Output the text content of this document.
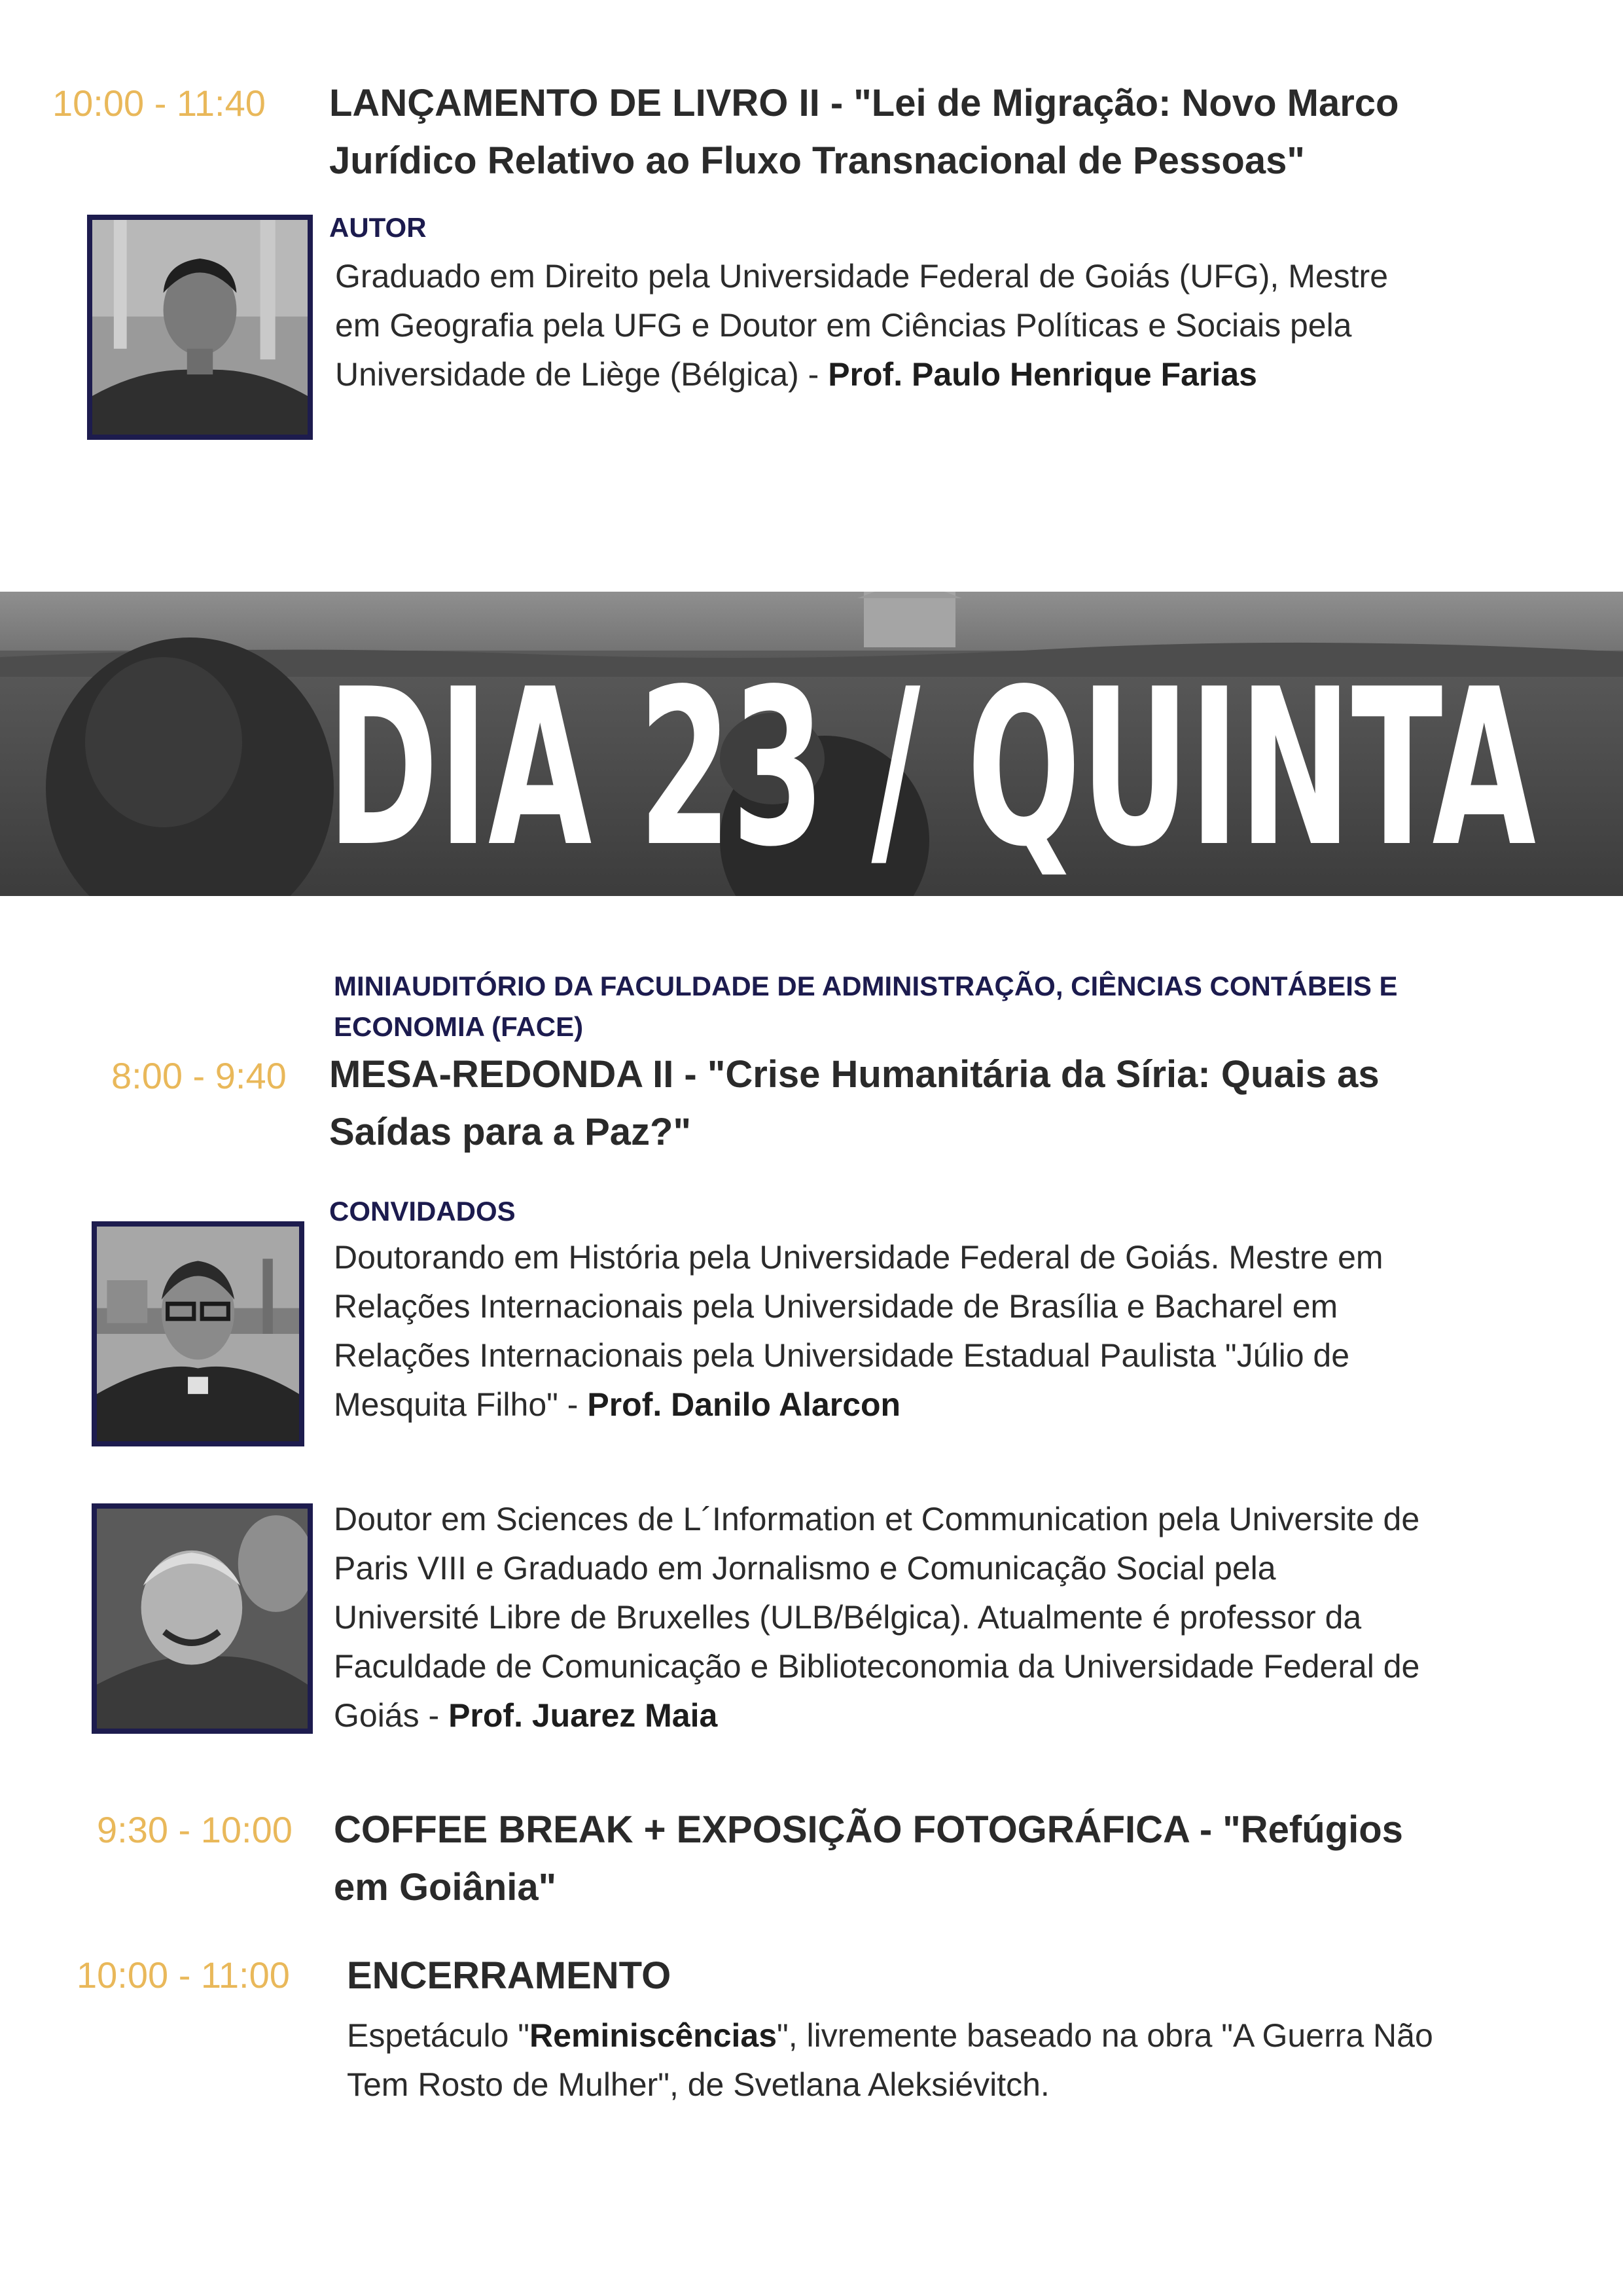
10:00 - 11:40 LANÇAMENTO DE LIVRO II - "Lei de Migração: Novo Marco
Jurídico Relativo ao Fluxo Transnacional de Pessoas"
AUTOR
Graduado em Direito pela Universidade Federal de Goiás (UFG), Mestre
em Geografia pela UFG e Doutor em Ciências Políticas e Sociais pela
Universidade de Liège (Bélgica) - Prof. Paulo Henrique Farias
DIA 23 / QUINTA
MINIAUDITÓRIO DA FACULDADE DE ADMINISTRAÇÃO, CIÊNCIAS CONTÁBEIS E
ECONOMIA (FACE)
8:00 - 9:40 MESA-REDONDA II - "Crise Humanitária da Síria: Quais as
Saídas para a Paz?"
CONVIDADOS
Doutorando em História pela Universidade Federal de Goiás. Mestre em
Relações Internacionais pela Universidade de Brasília e Bacharel em
Relações Internacionais pela Universidade Estadual Paulista "Júlio de
Mesquita Filho" - Prof. Danilo Alarcon
Doutor em Sciences de L´Information et Communication pela Universite de
Paris VIII e Graduado em Jornalismo e Comunicação Social pela
Université Libre de Bruxelles (ULB/Bélgica). Atualmente é professor da
Faculdade de Comunicação e Biblioteconomia da Universidade Federal de
Goiás - Prof. Juarez Maia
9:30 - 10:00 COFFEE BREAK + EXPOSIÇÃO FOTOGRÁFICA - "Refúgios
em Goiânia"
10:00 - 11:00 ENCERRAMENTO
Espetáculo "Reminiscências", livremente baseado na obra "A Guerra Não
Tem Rosto de Mulher", de Svetlana Aleksiévitch.
